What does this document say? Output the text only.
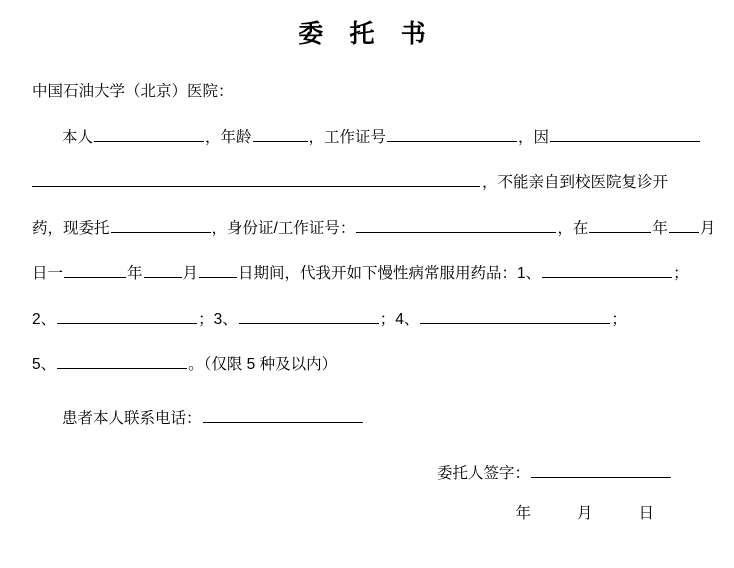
委 托 书
中国石油大学（北京）医院：
本人	，年龄	，工作证号	，因
，不能亲自到校医院复诊开
药，现委托	，身份证/工作证号：	，在	年 月
日一	年	月	日期间，代我开如下慢性病常服用药品：1、	；
2、	；3、	；4、	；
5、	。（仅限 5 种及以内）
患者本人联系电话：
委托人签字：
年	月	日
